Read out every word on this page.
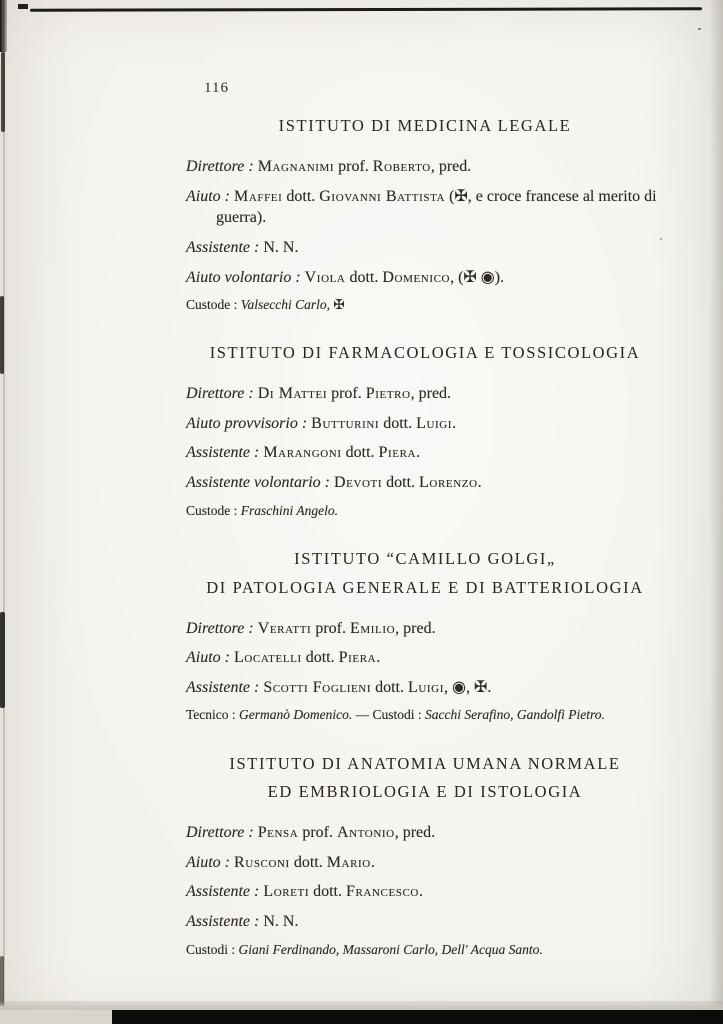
116

ISTITUTO DI MEDICINA LEGALE

Direttore : Magnanimi prof. Roberto, pred.

Aiuto : Maffei dott. Giovanni Battista (✠, e croce francese al merito di guerra).

Assistente : N. N.

Aiuto volontario : Viola dott. Domenico, (✠ ◉).

Custode : Valsecchi Carlo, ✠

ISTITUTO DI FARMACOLOGIA E TOSSICOLOGIA

Direttore : Di Mattei prof. Pietro, pred.

Aiuto provvisorio : Butturini dott. Luigi.

Assistente : Marangoni dott. Piera.

Assistente volontario : Devoti dott. Lorenzo.

Custode : Fraschini Angelo.

ISTITUTO “CAMILLO GOLGI„
DI PATOLOGIA GENERALE E DI BATTERIOLOGIA

Direttore : Veratti prof. Emilio, pred.

Aiuto : Locatelli dott. Piera.

Assistente : Scotti Foglieni dott. Luigi, ◉, ✠.

Tecnico : Germanò Domenico. — Custodi : Sacchi Serafino, Gandolfi Pietro.

ISTITUTO DI ANATOMIA UMANA NORMALE
ED EMBRIOLOGIA E DI ISTOLOGIA

Direttore : Pensa prof. Antonio, pred.

Aiuto : Rusconi dott. Mario.

Assistente : Loreti dott. Francesco.

Assistente : N. N.

Custodi : Giani Ferdinando, Massaroni Carlo, Dell' Acqua Santo.
